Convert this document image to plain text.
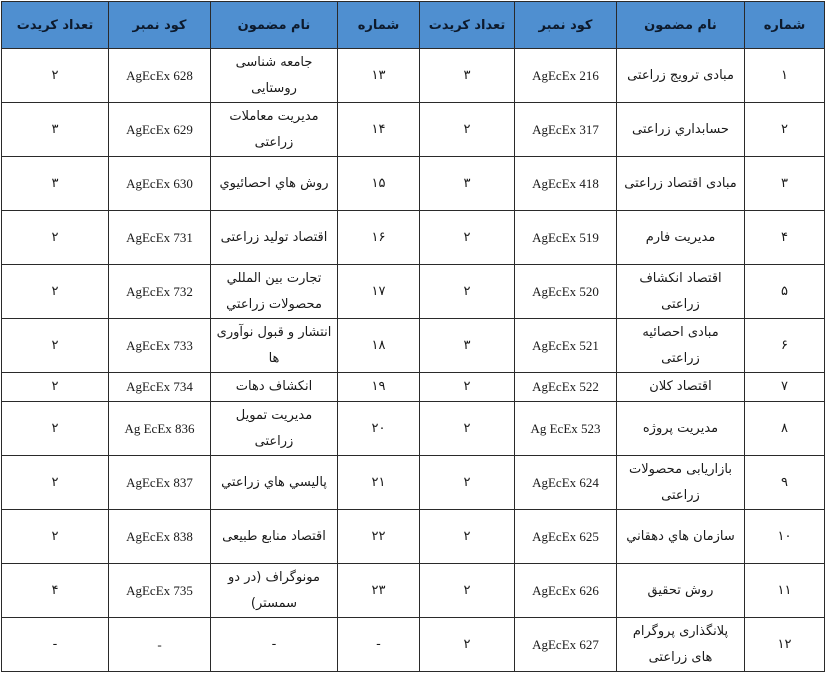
شماره	نام مضمون	کود نمبر	تعداد کریدت	شماره	نام مضمون	کود نمبر	تعداد کریدت
۱	مبادی ترویج زراعتی	AgEcEx 216	۳	۱۳	جامعه شناسی روستایی	AgEcEx 628	۲
۲	حسابداري زراعتی	AgEcEx 317	۲	۱۴	مدیریت معاملات زراعتی	AgEcEx 629	۳
۳	مبادی اقتصاد زراعتی	AgEcEx 418	۳	۱۵	روش هاي احصائیوي	AgEcEx 630	۳
۴	مدیریت فارم	AgEcEx 519	۲	۱۶	اقتصاد تولید زراعتی	AgEcEx 731	۲
۵	اقتصاد انکشاف زراعتی	AgEcEx 520	۲	۱۷	تجارت بین المللي محصولات زراعتي	AgEcEx 732	۲
۶	مبادی احصائیه زراعتی	AgEcEx 521	۳	۱۸	انتشار و قبول نوآوری ها	AgEcEx 733	۲
۷	اقتصاد کلان	AgEcEx 522	۲	۱۹	انکشاف دهات	AgEcEx 734	۲
۸	مدیریت پروژه	Ag EcEx 523	۲	۲۰	مدیریت تمویل زراعتی	Ag EcEx 836	۲
۹	بازاریابی محصولات زراعتی	AgEcEx 624	۲	۲۱	پالیسي هاي زراعتي	AgEcEx 837	۲
۱۰	سازمان هاي دهقاني	AgEcEx 625	۲	۲۲	اقتصاد منابع طبیعی	AgEcEx 838	۲
۱۱	روش تحقیق	AgEcEx 626	۲	۲۳	مونوگراف (در دو سمستر)	AgEcEx 735	۴
۱۲	پلانگذاری پروگرام های زراعتی	AgEcEx 627	۲	-	-	-	-
